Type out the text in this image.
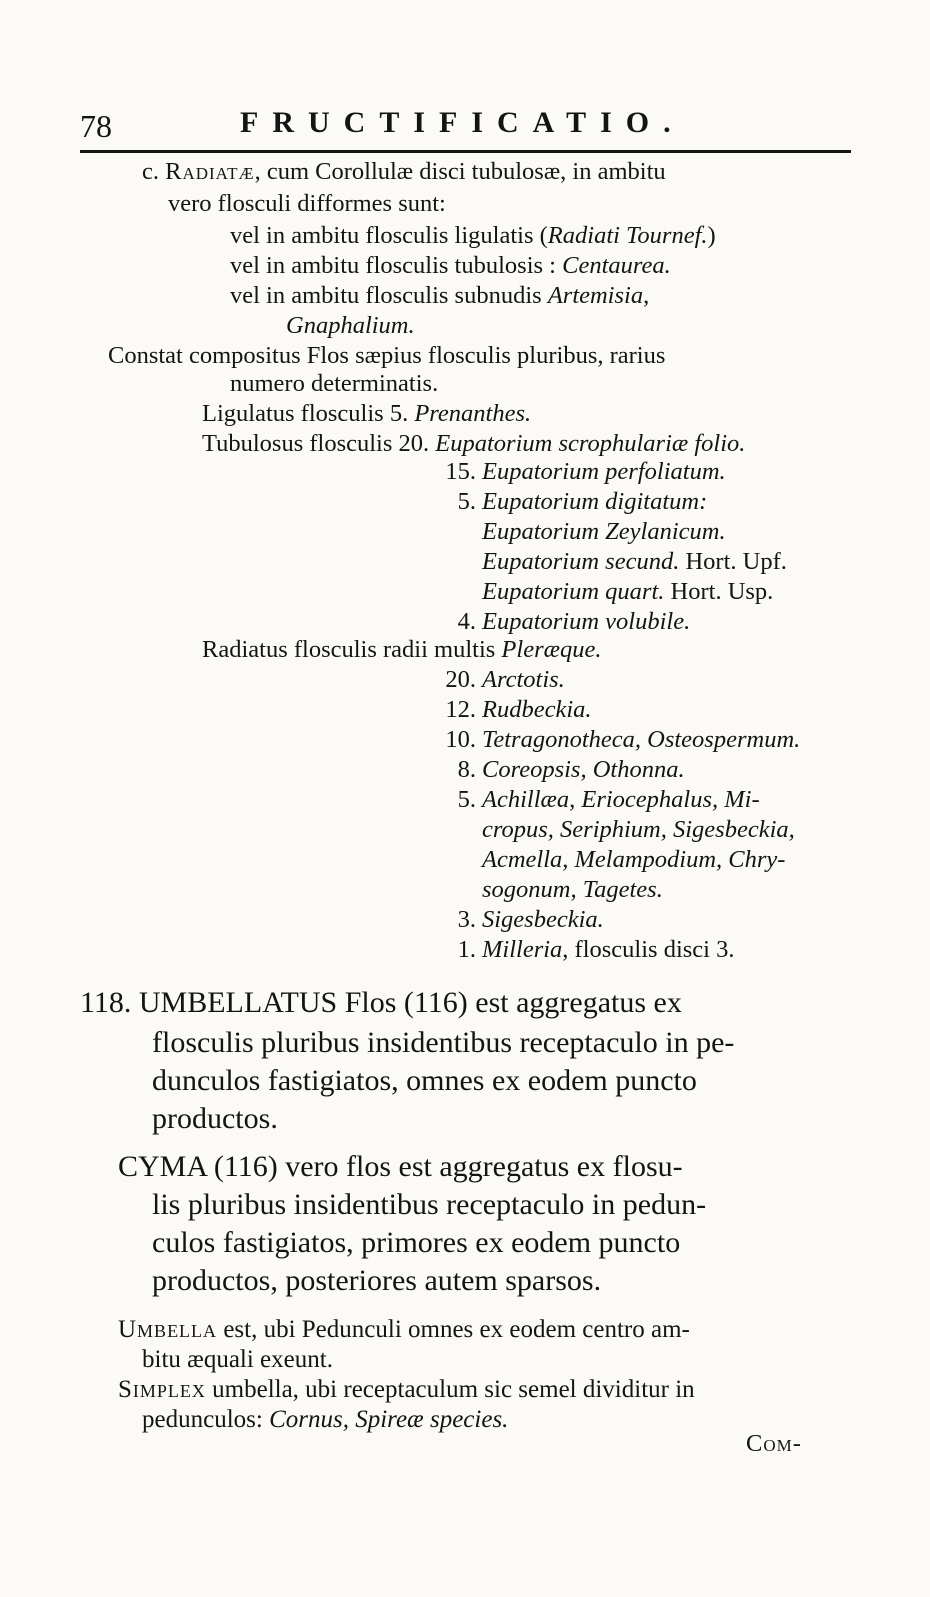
78	FRUCTIFICATIO.
c. Radiatæ, cum Corollulæ disci tubulosæ, in ambitu
vero flosculi difformes sunt:
vel in ambitu flosculis ligulatis (Radiati Tournef.)
vel in ambitu flosculis tubulosis : Centaurea.
vel in ambitu flosculis subnudis Artemisia,
Gnaphalium.
Constat compositus Flos sæpius flosculis pluribus, rarius
numero determinatis.
Ligulatus flosculis 5. Prenanthes.
Tubulosus flosculis 20. Eupatorium scrophulariæ folio.
15. Eupatorium perfoliatum.
5. Eupatorium digitatum:
Eupatorium Zeylanicum.
Eupatorium secund. Hort. Upf.
Eupatorium quart. Hort. Usp.
4. Eupatorium volubile.
Radiatus flosculis radii multis Pleræque.
20. Arctotis.
12. Rudbeckia.
10. Tetragonotheca, Osteospermum.
8. Coreopsis, Othonna.
5. Achillæa, Eriocephalus, Mi-
cropus, Seriphium, Sigesbeckia,
Acmella, Melampodium, Chry-
sogonum, Tagetes.
3. Sigesbeckia.
1. Milleria, flosculis disci 3.
118. UMBELLATUS Flos (116) est aggregatus ex
flosculis pluribus insidentibus receptaculo in pe-
dunculos fastigiatos, omnes ex eodem puncto
productos.
CYMA (116) vero flos est aggregatus ex flosu-
lis pluribus insidentibus receptaculo in pedun-
culos fastigiatos, primores ex eodem puncto
productos, posteriores autem sparsos.
Umbella est, ubi Pedunculi omnes ex eodem centro am-
bitu æquali exeunt.
Simplex umbella, ubi receptaculum sic semel dividitur in
pedunculos: Cornus, Spireæ species.
Com-
